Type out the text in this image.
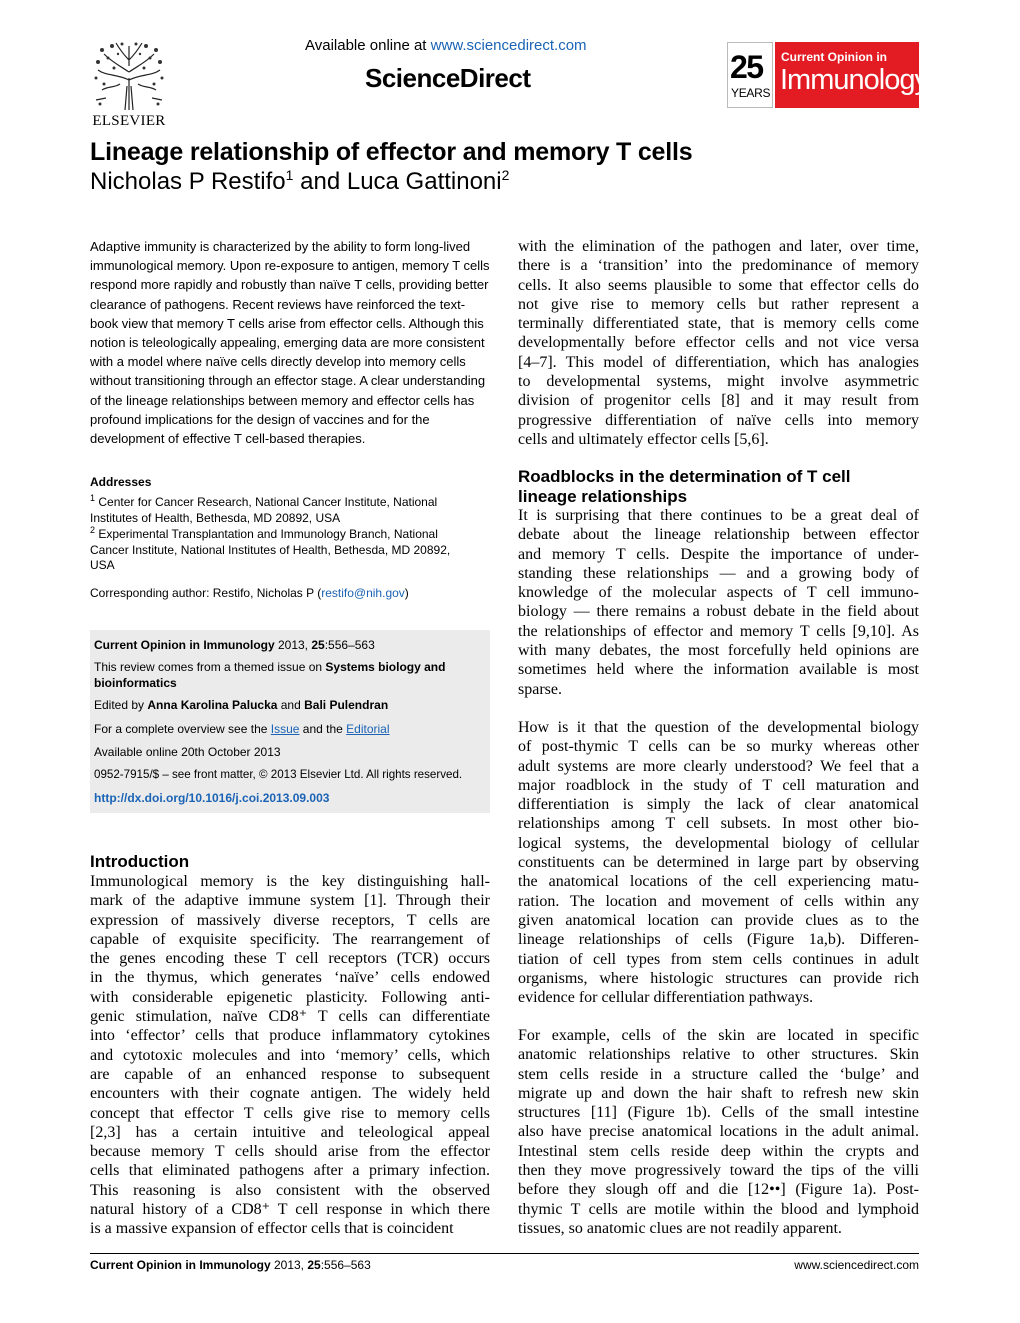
ELSEVIER
Available online at www.sciencedirect.com
ScienceDirect	25
YEARS
Current Opinion in
Immunology
Lineage relationship of effector and memory T cells
Nicholas P Restifo$^1$ and Luca Gattinoni$^2$
Adaptive immunity is characterized by the ability to form long-lived immunological memory. Upon re-exposure to antigen, memory T cells respond more rapidly and robustly than naïve T cells, providing better clearance of pathogens. Recent reviews have reinforced the text-book view that memory T cells arise from effector cells. Although this notion is teleologically appealing, emerging data are more consistent with a model where naïve cells directly develop into memory cells without transitioning through an effector stage. A clear understanding of the lineage relationships between memory and effector cells has profound implications for the design of vaccines and for the development of effective T cell-based therapies.
Addresses
$^1$ Center for Cancer Research, National Cancer Institute, National Institutes of Health, Bethesda, MD 20892, USA
$^2$ Experimental Transplantation and Immunology Branch, National Cancer Institute, National Institutes of Health, Bethesda, MD 20892, USA
Corresponding author: Restifo, Nicholas P (restifo@nih.gov)
Current Opinion in Immunology 2013, 25:556–563
This review comes from a themed issue on Systems biology and bioinformatics
Edited by Anna Karolina Palucka and Bali Pulendran
For a complete overview see the Issue and the Editorial
Available online 20th October 2013
0952-7915/$ – see front matter, © 2013 Elsevier Ltd. All rights reserved.
http://dx.doi.org/10.1016/j.coi.2013.09.003
Introduction
Immunological memory is the key distinguishing hall-
mark of the adaptive immune system [1]. Through their
expression of massively diverse receptors, T cells are
capable of exquisite specificity. The rearrangement of
the genes encoding these T cell receptors (TCR) occurs
in the thymus, which generates ‘naïve’ cells endowed
with considerable epigenetic plasticity. Following anti-
genic stimulation, naïve CD8⁺ T cells can differentiate
into ‘effector’ cells that produce inflammatory cytokines
and cytotoxic molecules and into ‘memory’ cells, which
are capable of an enhanced response to subsequent
encounters with their cognate antigen. The widely held
concept that effector T cells give rise to memory cells
[2,3] has a certain intuitive and teleological appeal
because memory T cells should arise from the effector
cells that eliminated pathogens after a primary infection.
This reasoning is also consistent with the observed
natural history of a CD8⁺ T cell response in which there
is a massive expansion of effector cells that is coincident
with the elimination of the pathogen and later, over time,
there is a ‘transition’ into the predominance of memory
cells. It also seems plausible to some that effector cells do
not give rise to memory cells but rather represent a
terminally differentiated state, that is memory cells come
developmentally before effector cells and not vice versa
[4–7]. This model of differentiation, which has analogies
to developmental systems, might involve asymmetric
division of progenitor cells [8] and it may result from
progressive differentiation of naïve cells into memory
cells and ultimately effector cells [5,6].
Roadblocks in the determination of T cell
lineage relationships
It is surprising that there continues to be a great deal of
debate about the lineage relationship between effector
and memory T cells. Despite the importance of under-
standing these relationships — and a growing body of
knowledge of the molecular aspects of T cell immuno-
biology — there remains a robust debate in the field about
the relationships of effector and memory T cells [9,10]. As
with many debates, the most forcefully held opinions are
sometimes held where the information available is most
sparse.
How is it that the question of the developmental biology
of post-thymic T cells can be so murky whereas other
adult systems are more clearly understood? We feel that a
major roadblock in the study of T cell maturation and
differentiation is simply the lack of clear anatomical
relationships among T cell subsets. In most other bio-
logical systems, the developmental biology of cellular
constituents can be determined in large part by observing
the anatomical locations of the cell experiencing matu-
ration. The location and movement of cells within any
given anatomical location can provide clues as to the
lineage relationships of cells (Figure 1a,b). Differen-
tiation of cell types from stem cells continues in adult
organisms, where histologic structures can provide rich
evidence for cellular differentiation pathways.
For example, cells of the skin are located in specific
anatomic relationships relative to other structures. Skin
stem cells reside in a structure called the ‘bulge’ and
migrate up and down the hair shaft to refresh new skin
structures [11] (Figure 1b). Cells of the small intestine
also have precise anatomical locations in the adult animal.
Intestinal stem cells reside deep within the crypts and
then they move progressively toward the tips of the villi
before they slough off and die [12••] (Figure 1a). Post-
thymic T cells are motile within the blood and lymphoid
tissues, so anatomic clues are not readily apparent.
Current Opinion in Immunology 2013, 25:556–563	www.sciencedirect.com
